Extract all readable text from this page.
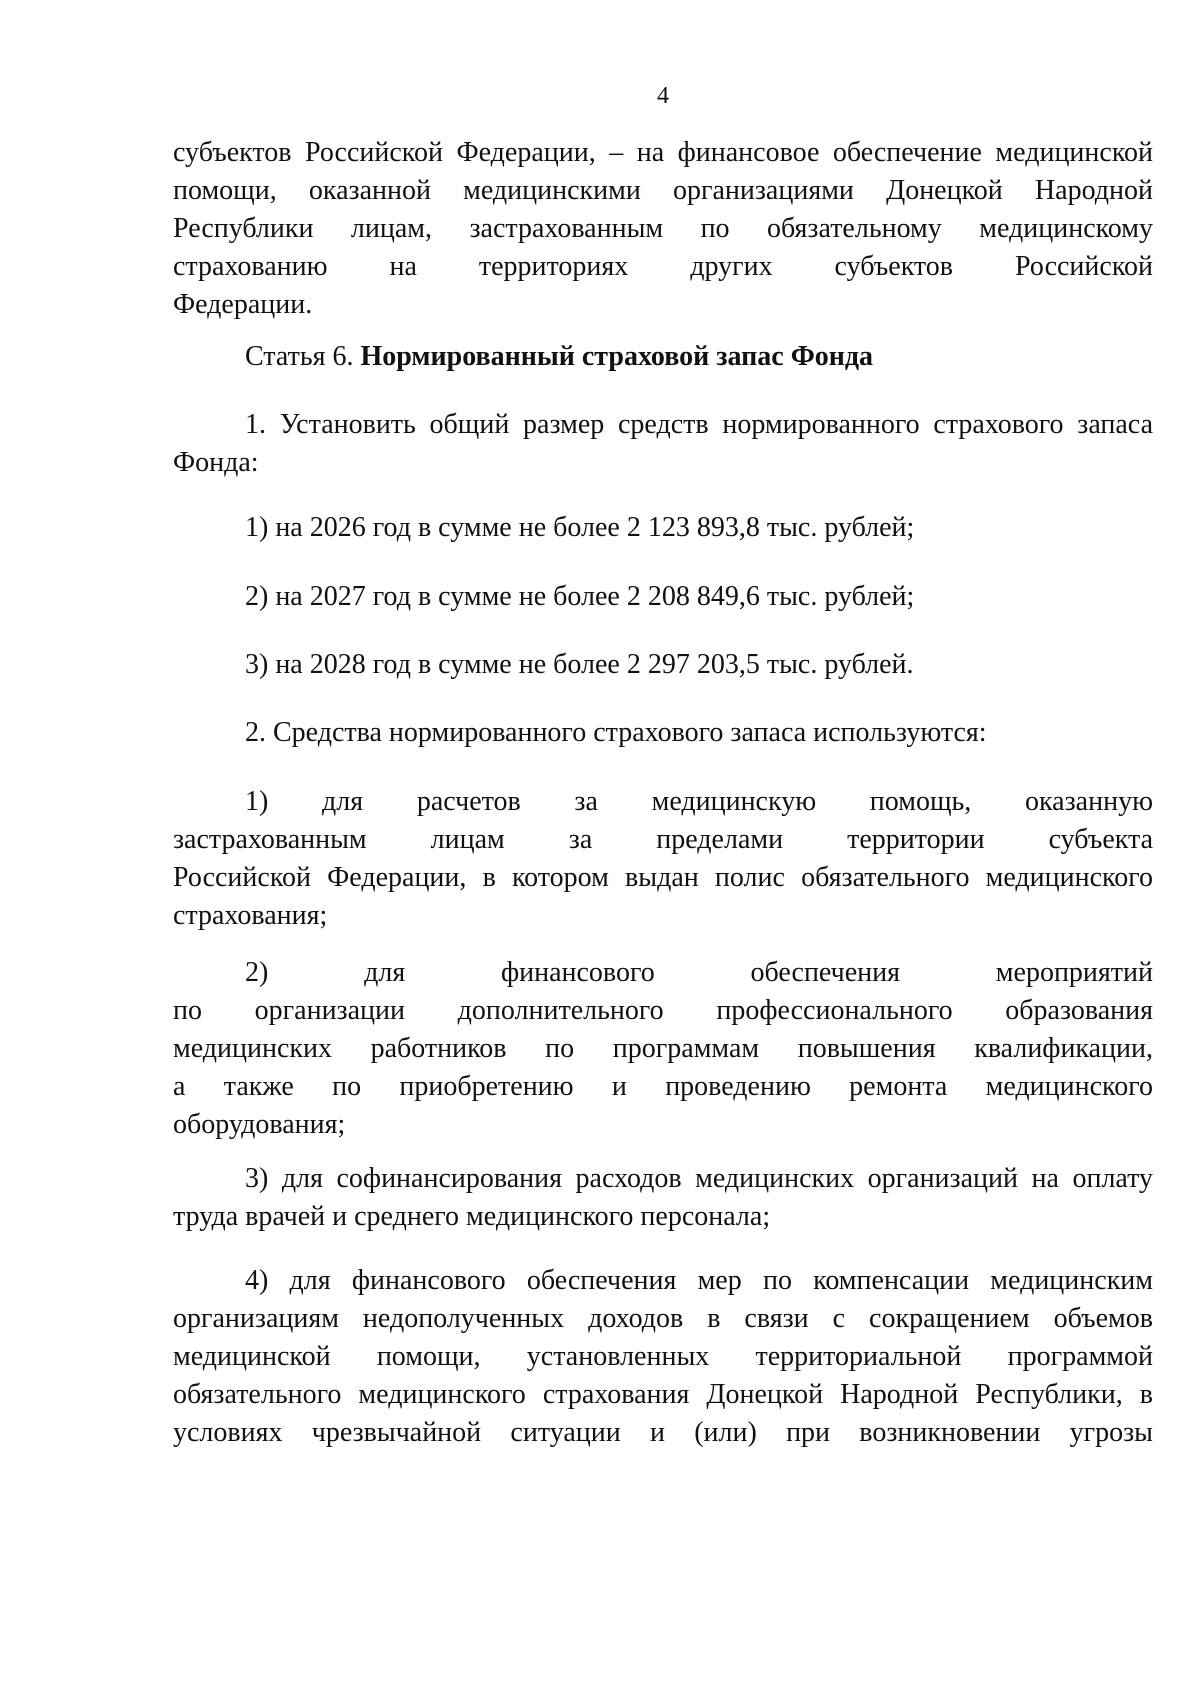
4
субъектов Российской Федерации, – на финансовое обеспечение медицинской
помощи, оказанной медицинскими организациями Донецкой Народной
Республики лицам, застрахованным по обязательному медицинскому
страхованию на территориях других субъектов Российской
Федерации.
Статья 6. Нормированный страховой запас Фонда
1. Установить общий размер средств нормированного страхового запаса
Фонда:
1) на 2026 год в сумме не более 2 123 893,8 тыс. рублей;
2) на 2027 год в сумме не более 2 208 849,6 тыс. рублей;
3) на 2028 год в сумме не более 2 297 203,5 тыс. рублей.
2. Средства нормированного страхового запаса используются:
1) для расчетов за медицинскую помощь, оказанную
застрахованным лицам за пределами территории субъекта
Российской Федерации, в котором выдан полис обязательного медицинского
страхования;
2) для финансового обеспечения мероприятий
по организации дополнительного профессионального образования
медицинских работников по программам повышения квалификации,
а также по приобретению и проведению ремонта медицинского
оборудования;
3) для софинансирования расходов медицинских организаций на оплату
труда врачей и среднего медицинского персонала;
4) для финансового обеспечения мер по компенсации медицинским
организациям недополученных доходов в связи с сокращением объемов
медицинской помощи, установленных территориальной программой
обязательного медицинского страхования Донецкой Народной Республики, в
условиях чрезвычайной ситуации и (или) при возникновении угрозы
